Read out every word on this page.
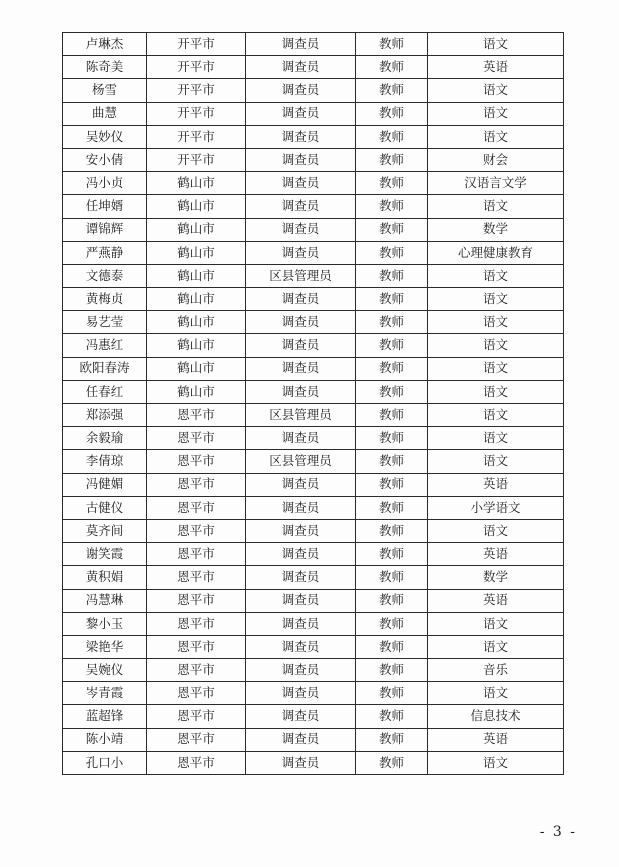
卢琳杰	开平市	调查员	教师	语文
陈奇美	开平市	调查员	教师	英语
杨雪	开平市	调查员	教师	语文
曲慧	开平市	调查员	教师	语文
吴妙仪	开平市	调查员	教师	语文
安小倩	开平市	调查员	教师	财会
冯小贞	鹤山市	调查员	教师	汉语言文学
任坤婿	鹤山市	调查员	教师	语文
谭锦辉	鹤山市	调查员	教师	数学
严燕静	鹤山市	调查员	教师	心理健康教育
文德泰	鹤山市	区县管理员	教师	语文
黄梅贞	鹤山市	调查员	教师	语文
易艺莹	鹤山市	调查员	教师	语文
冯惠红	鹤山市	调查员	教师	语文
欧阳春涛	鹤山市	调查员	教师	语文
任春红	鹤山市	调查员	教师	语文
郑添强	恩平市	区县管理员	教师	语文
余毅瑜	恩平市	调查员	教师	语文
李倩琼	恩平市	区县管理员	教师	语文
冯健媚	恩平市	调查员	教师	英语
古健仪	恩平市	调查员	教师	小学语文
莫齐间	恩平市	调查员	教师	语文
谢笑霞	恩平市	调查员	教师	英语
黄积娟	恩平市	调查员	教师	数学
冯慧琳	恩平市	调查员	教师	英语
黎小玉	恩平市	调查员	教师	语文
梁艳华	恩平市	调查员	教师	语文
吴婉仪	恩平市	调查员	教师	音乐
岑青霞	恩平市	调查员	教师	语文
蓝超锋	恩平市	调查员	教师	信息技术
陈小靖	恩平市	调查员	教师	英语
孔口小	恩平市	调查员	教师	语文
- 3 -
